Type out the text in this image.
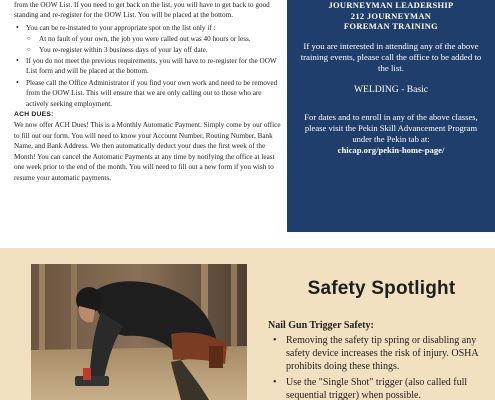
from the OOW List. If you need to get back on the list, you will have to get back to good standing and re-register for the OOW List. You will be placed at the bottom.

• You can be re-instated to your appropriate spot on the list only if :
○ At no fault of your own, the job you were called out was 40 hours or less.
○ You re-register within 3 business days of your lay off date.
• If you do not meet the previous requirements, you will have to re-register for the OOW List form and will be placed at the bottom.
• Please call the Office Administrator if you find your own work and need to be removed from the OOW List. This will ensure that we are only calling out to those who are actively seeking employment.

ACH DUES:

We now offer ACH Dues! This is a Monthly Automatic Payment. Simply come by our office to fill out our form. You will need to know your Account Number, Routing Number, Bank Name, and Bank Address. We then automatically deduct your dues the first week of the Month! You can cancel the Automatic Payments at any time by notifying the office at least one week prior to the end of the month. You will need to fill out a new form if you wish to resume your automatic payments.

JOURNEYMAN LEADERSHIP

212 JOURNEYMAN

FOREMAN TRAINING

If you are interested in attending any of the above training events, please call the office to be added to the list.

WELDING - Basic

For dates and to enroll in any of the above classes, please visit the Pekin Skill Advancement Program under the Pekin tab at:

chicap.org/pekin-home-page/

Safety Spotlight
Nail Gun Trigger Safety:
• Removing the safety tip spring or disabling any safety device increases the risk of injury. OSHA prohibits doing these things.
• Use the "Single Shot" trigger (also called full sequential trigger) when possible.
